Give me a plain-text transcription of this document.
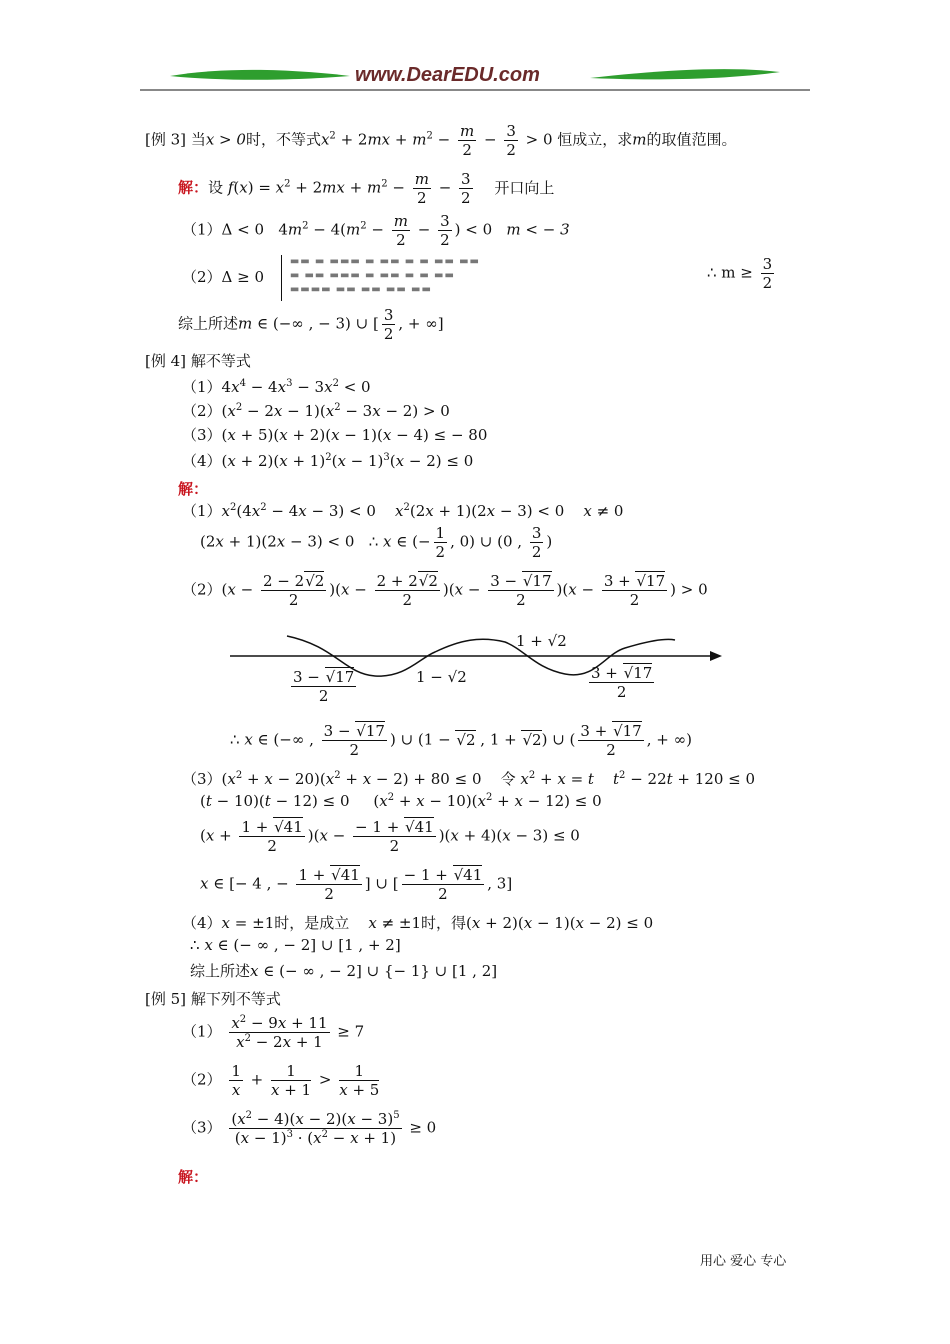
www.DearEDU.com
[例 3] 当x > 0时，不等式$x^2 + 2mx + m^2 - \frac{m}{2} - \frac{3}{2} > 0$ 恒成立，求m的取值范围。
解：设 $f(x) = x^2 + 2mx + m^2 - \frac{m}{2} - \frac{3}{2}$ 开口向上
（1）Δ < 0   $4m^2 - 4(m^2 - \frac{m}{2} - \frac{3}{2}$ ) < 0   m < − 3
（2）Δ ≥ 0 ▬▬ ▬ ▬▬▬ ▬ ▬▬ ▬ ▬ ▬▬ ▬▬
▬ ▬▬ ▬▬▬ ▬ ▬▬ ▬ ▬ ▬▬
▬▬▬▬ ▬▬ ▬▬ ▬▬ ▬▬
∴ $m \ge \frac{3}{2}$
综上所述m ∈ (−∞ , − 3) ∪ [ $\frac{3}{2}$ , + ∞]
[例 4] 解不等式
$(1)4x^4 - 4x^3 - 3x^2 < 0$
$(2)(x^2 - 2x - 1)(x^2 - 3x - 2) > 0$
（3）(x + 5)(x + 2)(x − 1)(x − 4) ≤ − 80
$(4)(x + 2)(x + 1)^2(x - 1)^3(x - 2) \le 0$
解：
$(1)x^2(4x^2 - 4x - 3) < 0$    $x^2(2x + 1)(2x - 3) < 0$    x ≠ 0
(2x + 1)(2x − 3) < 0   ∴ x ∈ (− $\frac{1}{2}$ , 0) ∪ (0 , $\frac{3}{2}$ )
$(2)(x - \frac{2 - 2√2}{2} )(x - \frac{2 + 2√2}{2} )(x - \frac{3 - √17}{2} )(x - \frac{3 + √17}{2}$ ) > 0
1 + √2
1 − √2
$\frac{3 - √17}{2}$	$\frac{3 + √17}{2}$
∴ x ∈ (−∞ , $\frac{3 - √17}{2}$ ) ∪ (1 − √2 , 1 + √2) ∪ ( $\frac{3 + √17}{2}$ , + ∞)
$(3)(x^2 + x - 20)(x^2 + x - 2) + 80 \le 0$    令 $x^2 + x = t$ $t^2 - 22t + 120 \le 0$
(t − 10)(t − 12) ≤ 0     $(x^2 + x - 10)(x^2 + x - 12) \le 0$
$(x + \frac{1 + √41}{2} )(x - \frac{- 1 + √41}{2} )(x + 4)(x - 3) \le 0$
x ∈ [− 4 , − $\frac{1 + √41}{2}$ ] ∪ [ $\frac{- 1 + √41}{2}$ , 3]
（4）x = ±1时，是成立 x ≠ ±1时，得(x + 2)(x − 1)(x − 2) ≤ 0
∴ x ∈ (− ∞ , − 2] ∪ [1 , + 2]
综上所述x ∈ (− ∞ , − 2] ∪ {− 1} ∪ [1 , 2]
[例 5] 解下列不等式
$(1) \frac{x^2 - 9x + 11}{x^2 - 2x + 1} \ge 7$
$(2) \frac{1}{x} + \frac{1}{x + 1} > \frac{1}{x + 5}$
$(3) \frac{(x^2 - 4)(x - 2)(x - 3)^5}{(x - 1)^3 \cdot (x^2 - x + 1)} \ge 0$
解：
用心 爱心 专心
